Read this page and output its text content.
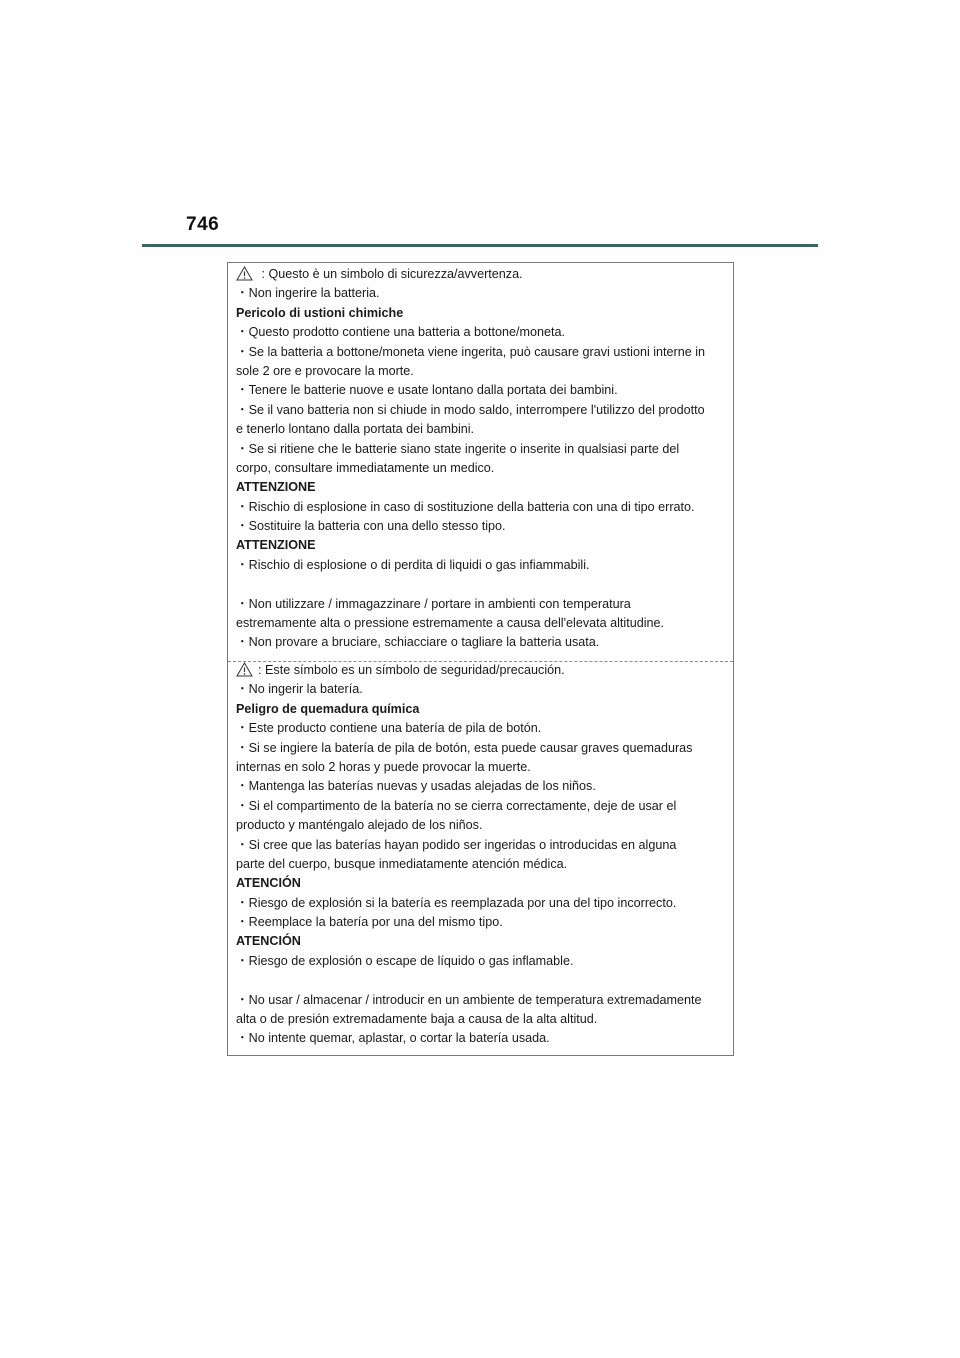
746
: Questo è un simbolo di sicurezza/avvertenza.
・Non ingerire la batteria.
Pericolo di ustioni chimiche
・Questo prodotto contiene una batteria a bottone/moneta.
・Se la batteria a bottone/moneta viene ingerita, può causare gravi ustioni interne in
sole 2 ore e provocare la morte.
・Tenere le batterie nuove e usate lontano dalla portata dei bambini.
・Se il vano batteria non si chiude in modo saldo, interrompere l'utilizzo del prodotto
e tenerlo lontano dalla portata dei bambini.
・Se si ritiene che le batterie siano state ingerite o inserite in qualsiasi parte del
corpo, consultare immediatamente un medico.
ATTENZIONE
・Rischio di esplosione in caso di sostituzione della batteria con una di tipo errato.
・Sostituire la batteria con una dello stesso tipo.
ATTENZIONE
・Rischio di esplosione o di perdita di liquidi o gas infiammabili.
・Non utilizzare / immagazzinare / portare in ambienti con temperatura
estremamente alta o pressione estremamente a causa dell'elevata altitudine.
・Non provare a bruciare, schiacciare o tagliare la batteria usata.
: Este símbolo es un símbolo de seguridad/precaución.
・No ingerir la batería.
Peligro de quemadura química
・Este producto contiene una batería de pila de botón.
・Si se ingiere la batería de pila de botón, esta puede causar graves quemaduras
internas en solo 2 horas y puede provocar la muerte.
・Mantenga las baterías nuevas y usadas alejadas de los niños.
・Si el compartimento de la batería no se cierra correctamente, deje de usar el
producto y manténgalo alejado de los niños.
・Si cree que las baterías hayan podido ser ingeridas o introducidas en alguna
parte del cuerpo, busque inmediatamente atención médica.
ATENCIÓN
・Riesgo de explosión si la batería es reemplazada por una del tipo incorrecto.
・Reemplace la batería por una del mismo tipo.
ATENCIÓN
・Riesgo de explosión o escape de líquido o gas inflamable.
・No usar / almacenar / introducir en un ambiente de temperatura extremadamente
alta o de presión extremadamente baja a causa de la alta altitud.
・No intente quemar, aplastar, o cortar la batería usada.
